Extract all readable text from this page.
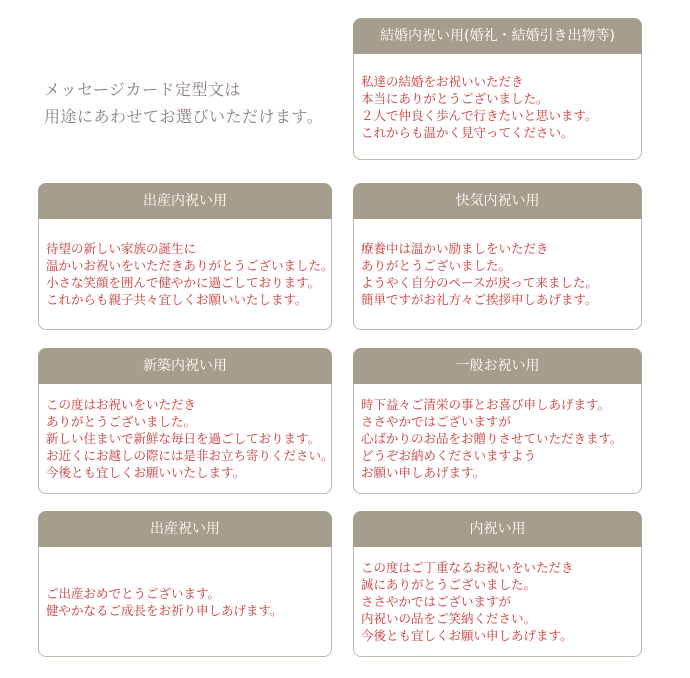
メッセージカード定型文は
用途にあわせてお選びいただけます。
結婚内祝い用(婚礼・結婚引き出物等)
私達の結婚をお祝いいただき
本当にありがとうございました。
２人で仲良く歩んで行きたいと思います。
これからも温かく見守ってください。
出産内祝い用
待望の新しい家族の誕生に
温かいお祝いをいただきありがとうございました。
小さな笑顔を囲んで健やかに過ごしております。
これからも親子共々宜しくお願いいたします。
快気内祝い用
療養中は温かい励ましをいただき
ありがとうございました。
ようやく自分のペースが戻って来ました。
簡単ですがお礼方々ご挨拶申しあげます。
新築内祝い用
この度はお祝いをいただき
ありがとうございました。
新しい住まいで新鮮な毎日を過ごしております。
お近くにお越しの際には是非お立ち寄りください。
今後とも宜しくお願いいたします。
一般お祝い用
時下益々ご清栄の事とお喜び申しあげます。
ささやかではございますが
心ばかりのお品をお贈りさせていただきます。
どうぞお納めくださいますよう
お願い申しあげます。
出産祝い用
ご出産おめでとうございます。
健やかなるご成長をお祈り申しあげます。
内祝い用
この度はご丁重なるお祝いをいただき
誠にありがとうございました。
ささやかではございますが
内祝いの品をご笑納ください。
今後とも宜しくお願い申しあげます。
